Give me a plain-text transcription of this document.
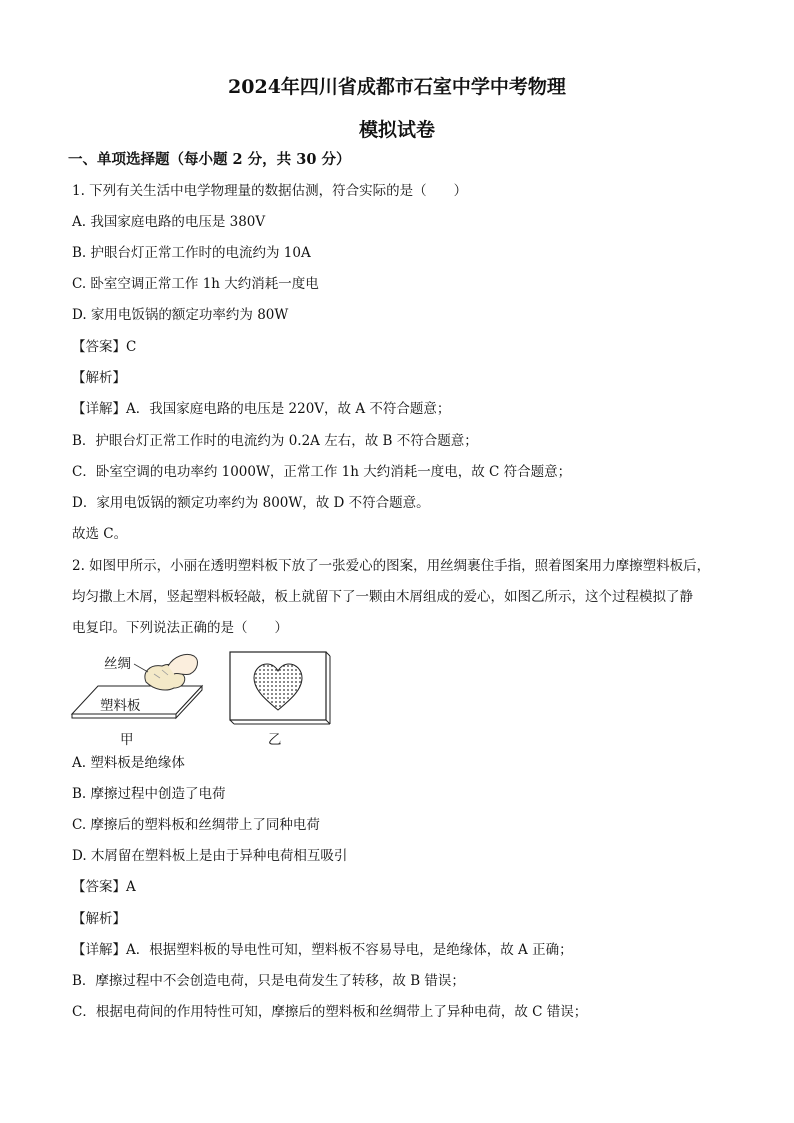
2024年四川省成都市石室中学中考物理
模拟试卷
一、单项选择题（每小题 2 分，共 30 分）
1. 下列有关生活中电学物理量的数据估测，符合实际的是（　　）
A. 我国家庭电路的电压是 380V
B. 护眼台灯正常工作时的电流约为 10A
C. 卧室空调正常工作 1h 大约消耗一度电
D. 家用电饭锅的额定功率约为 80W
【答案】C
【解析】
【详解】A．我国家庭电路的电压是 220V，故 A 不符合题意；
B．护眼台灯正常工作时的电流约为 0.2A 左右，故 B 不符合题意；
C．卧室空调的电功率约 1000W，正常工作 1h 大约消耗一度电，故 C 符合题意；
D．家用电饭锅的额定功率约为 800W，故 D 不符合题意。
故选 C。
2. 如图甲所示，小丽在透明塑料板下放了一张爱心的图案，用丝绸裹住手指，照着图案用力摩擦塑料板后，
均匀撒上木屑，竖起塑料板轻敲，板上就留下了一颗由木屑组成的爱心，如图乙所示，这个过程模拟了静
电复印。下列说法正确的是（　　）
丝绸
塑料板
甲	乙
A. 塑料板是绝缘体
B. 摩擦过程中创造了电荷
C. 摩擦后的塑料板和丝绸带上了同种电荷
D. 木屑留在塑料板上是由于异种电荷相互吸引
【答案】A
【解析】
【详解】A．根据塑料板的导电性可知，塑料板不容易导电，是绝缘体，故 A 正确；
B．摩擦过程中不会创造电荷，只是电荷发生了转移，故 B 错误；
C．根据电荷间的作用特性可知，摩擦后的塑料板和丝绸带上了异种电荷，故 C 错误；
